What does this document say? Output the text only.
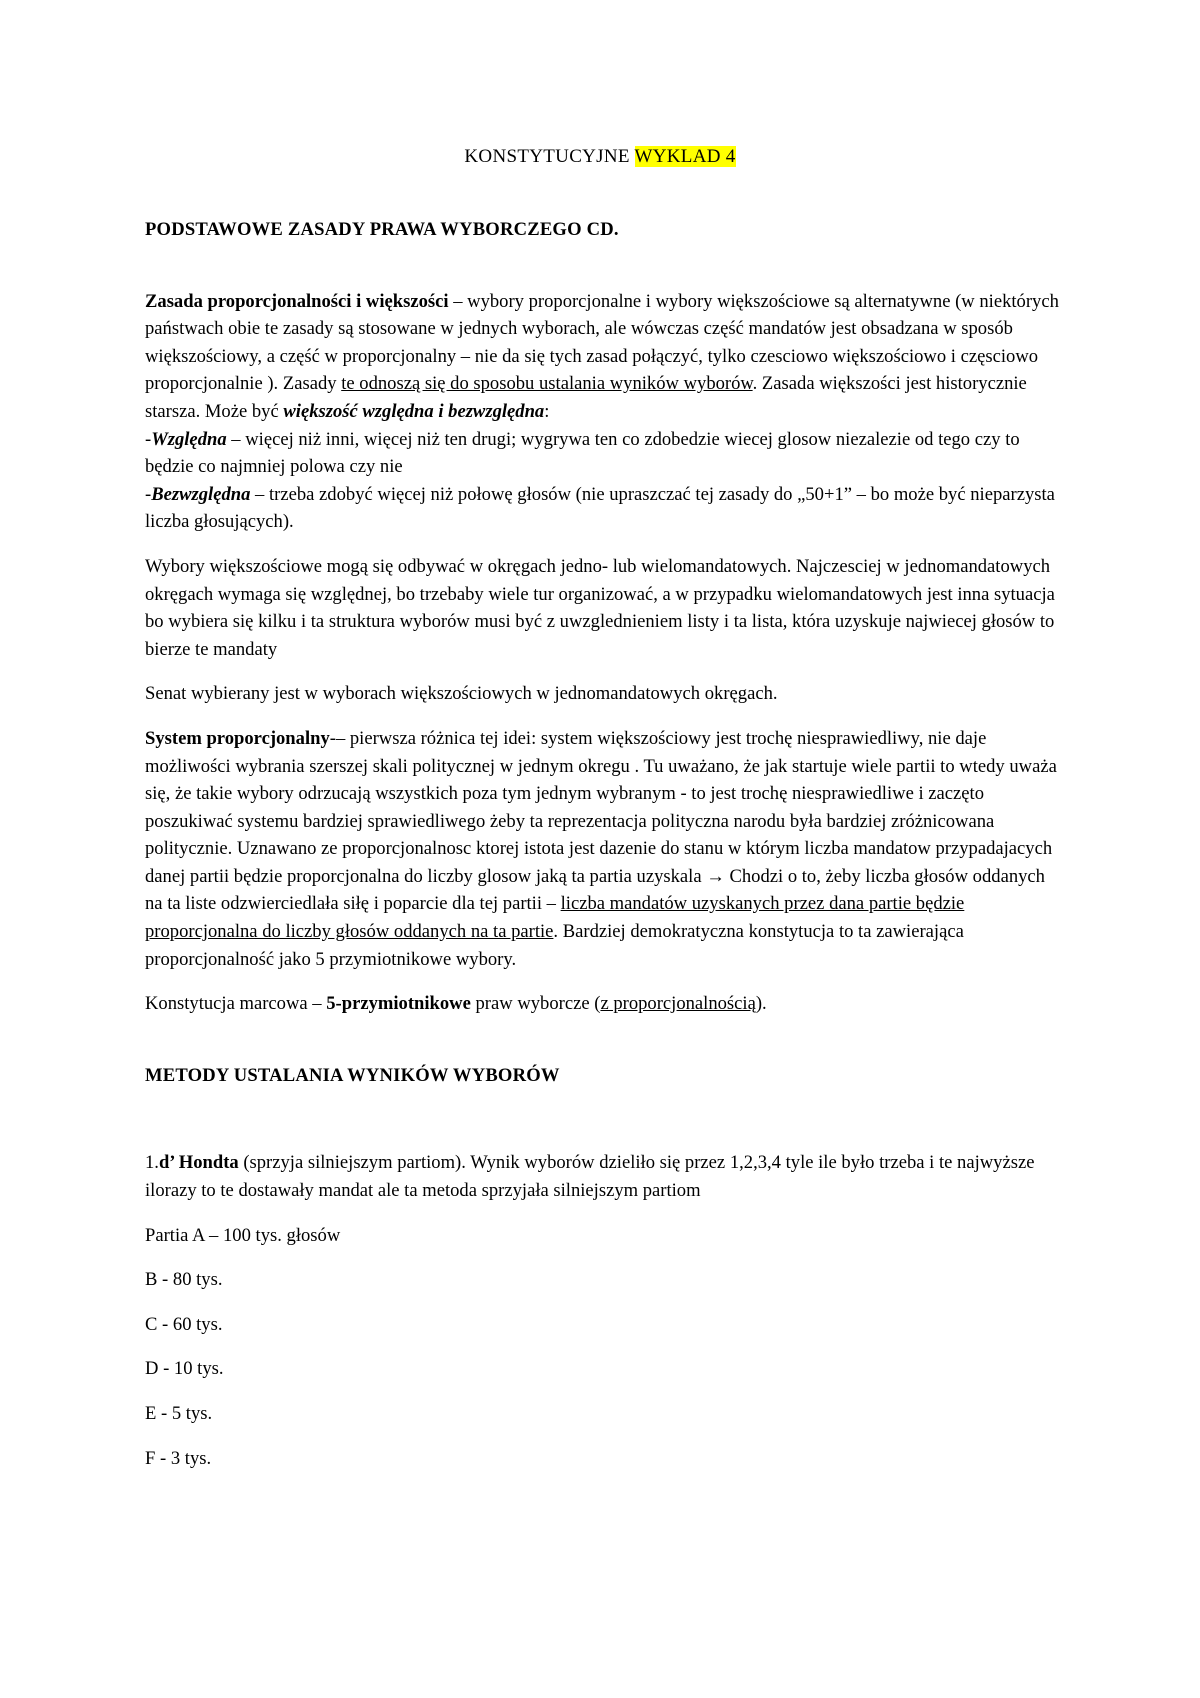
KONSTYTUCYJNE WYKLAD 4

PODSTAWOWE ZASADY PRAWA WYBORCZEGO CD.

Zasada proporcjonalności i większości – wybory proporcjonalne i wybory większościowe są alternatywne (w niektórych państwach obie te zasady są stosowane w jednych wyborach, ale wówczas część mandatów jest obsadzana w sposób większościowy, a część w proporcjonalny – nie da się tych zasad połączyć, tylko czesciowo większościowo i częsciowo proporcjonalnie ). Zasady te odnoszą się do sposobu ustalania wyników wyborów. Zasada większości jest historycznie starsza. Może być większość względna i bezwzględna:
-Względna – więcej niż inni, więcej niż ten drugi; wygrywa ten co zdobedzie wiecej glosow niezalezie od tego czy to będzie co najmniej polowa czy nie
-Bezwzględna – trzeba zdobyć więcej niż połowę głosów (nie upraszczać tej zasady do „50+1” – bo może być nieparzysta liczba głosujących).

Wybory większościowe mogą się odbywać w okręgach jedno- lub wielomandatowych. Najczesciej w jednomandatowych okręgach wymaga się względnej, bo trzebaby wiele tur organizować, a w przypadku wielomandatowych jest inna sytuacja bo wybiera się kilku i ta struktura wyborów musi być z uwzglednieniem listy i ta lista, która uzyskuje najwiecej głosów to bierze te mandaty

Senat wybierany jest w wyborach większościowych w jednomandatowych okręgach.

System proporcjonalny-– pierwsza różnica tej idei: system większościowy jest trochę niesprawiedliwy, nie daje możliwości wybrania szerszej skali politycznej w jednym okregu . Tu uważano, że jak startuje wiele partii to wtedy uważa się, że takie wybory odrzucają wszystkich poza tym jednym wybranym - to jest trochę niesprawiedliwe i zaczęto poszukiwać systemu bardziej sprawiedliwego żeby ta reprezentacja polityczna narodu była bardziej zróżnicowana politycznie. Uznawano ze proporcjonalnosc ktorej istota jest dazenie do stanu w którym liczba mandatow przypadajacych danej partii będzie proporcjonalna do liczby glosow jaką ta partia uzyskala → Chodzi o to, żeby liczba głosów oddanych na ta liste odzwierciedlała siłę i poparcie dla tej partii – liczba mandatów uzyskanych przez dana partie będzie proporcjonalna do liczby głosów oddanych na ta partie. Bardziej demokratyczna konstytucja to ta zawierająca proporcjonalność jako 5 przymiotnikowe wybory.

Konstytucja marcowa – 5-przymiotnikowe praw wyborcze (z proporcjonalnością).

METODY USTALANIA WYNIKÓW WYBORÓW

1.d’ Hondta (sprzyja silniejszym partiom). Wynik wyborów dzieliło się przez 1,2,3,4 tyle ile było trzeba i te najwyższe ilorazy to te dostawały mandat ale ta metoda sprzyjała silniejszym partiom

Partia A – 100 tys. głosów

B - 80 tys.

C - 60 tys.

D - 10 tys.

E - 5 tys.

F - 3 tys.
